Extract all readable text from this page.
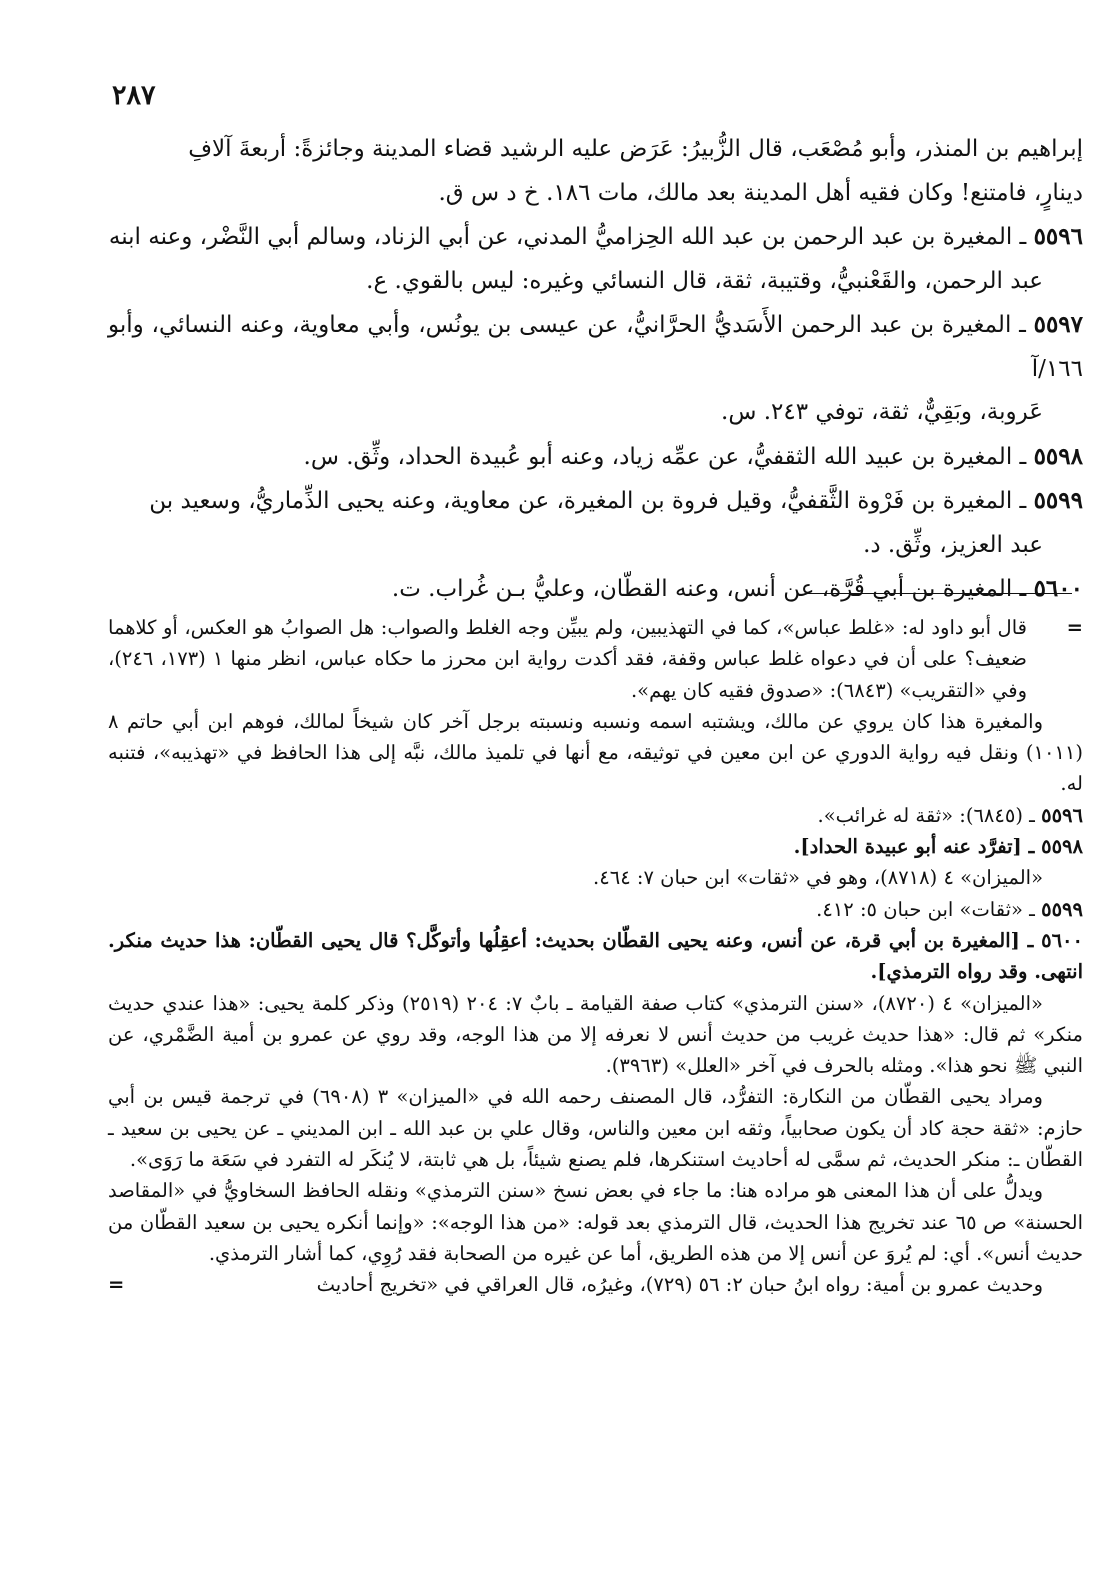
٢٨٧

إبراهيم بن المنذر، وأبو مُصْعَب، قال الزُّبيرُ: عَرَض عليه الرشيد قضاء المدينة وجائزةً: أربعةَ آلافِ

دينارٍ، فامتنع! وكان فقيه أهل المدينة بعد مالك، مات ١٨٦. خ د س ق.

٥٥٩٦ ـ المغيرة بن عبد الرحمن بن عبد الله الحِزاميُّ المدني، عن أبي الزناد، وسالم أبي النَّضْر، وعنه ابنه

عبد الرحمن، والقَعْنبيُّ، وقتيبة، ثقة، قال النسائي وغيره: ليس بالقوي. ع.

٥٥٩٧ ـ المغيرة بن عبد الرحمن الأَسَديُّ الحرَّانيُّ، عن عيسى بن يونُس، وأبي معاوية، وعنه النسائي، وأبو ١٦٦/آ

عَروبة، وبَقِيٌّ، ثقة، توفي ٢٤٣. س.

٥٥٩٨ ـ المغيرة بن عبيد الله الثقفيُّ، عن عمِّه زياد، وعنه أبو عُبيدة الحداد، وثِّق. س.

٥٥٩٩ ـ المغيرة بن فَرْوة الثَّقفيُّ، وقيل فروة بن المغيرة، عن معاوية، وعنه يحيى الذِّماريُّ، وسعيد بن

عبد العزيز، وثِّق. د.

٥٦٠٠ ـ المغيرة بن أبي قُرَّة، عن أنس، وعنه القطّان، وعليُّ بـن غُراب. ت.

=
قال أبو داود له: «غلط عباس»، كما في التهذيبين، ولم يبيِّن وجه الغلط والصواب: هل الصوابُ هو العكس، أو كلاهما ضعيف؟ على أن في دعواه غلط عباس وقفة، فقد أكدت رواية ابن محرز ما حكاه عباس، انظر منها ١ (١٧٣، ٢٤٦)، وفي «التقريب» (٦٨٤٣): «صدوق فقيه كان يهم».

والمغيرة هذا كان يروي عن مالك، ويشتبه اسمه ونسبه ونسبته برجل آخر كان شيخاً لمالك، فوهم ابن أبي حاتم ٨ (١٠١١) ونقل فيه رواية الدوري عن ابن معين في توثيقه، مع أنها في تلميذ مالك، نبَّه إلى هذا الحافظ في «تهذيبه»، فتنبه له.

٥٥٩٦ ـ (٦٨٤٥): «ثقة له غرائب».

٥٥٩٨ ـ [تفرَّد عنه أبو عبيدة الحداد].

«الميزان» ٤ (٨٧١٨)، وهو في «ثقات» ابن حبان ٧: ٤٦٤.

٥٥٩٩ ـ «ثقات» ابن حبان ٥: ٤١٢.

٥٦٠٠ ـ [المغيرة بن أبي قرة، عن أنس، وعنه يحيى القطّان بحديث: أعقِلُها وأتوكَّل؟ قال يحيى القطّان: هذا حديث منكر. انتهى. وقد رواه الترمذي].

«الميزان» ٤ (٨٧٢٠)، «سنن الترمذي» كتاب صفة القيامة ـ بابٌ ٧: ٢٠٤ (٢٥١٩) وذكر كلمة يحيى: «هذا عندي حديث منكر» ثم قال: «هذا حديث غريب من حديث أنس لا نعرفه إلا من هذا الوجه، وقد روي عن عمرو بن أمية الضَّمْري، عن النبي ﷺ نحو هذا». ومثله بالحرف في آخر «العلل» (٣٩٦٣).

ومراد يحيى القطّان من النكارة: التفرُّد، قال المصنف رحمه الله في «الميزان» ٣ (٦٩٠٨) في ترجمة قيس بن أبي حازم: «ثقة حجة كاد أن يكون صحابياً، وثقه ابن معين والناس، وقال علي بن عبد الله ـ ابن المديني ـ عن يحيى بن سعيد ـ القطّان ـ: منكر الحديث، ثم سمَّى له أحاديث استنكرها، فلم يصنع شيئاً، بل هي ثابتة، لا يُنكَر له التفرد في سَعَة ما رَوَى».

ويدلُّ على أن هذا المعنى هو مراده هنا: ما جاء في بعض نسخ «سنن الترمذي» ونقله الحافظ السخاويُّ في «المقاصد الحسنة» ص ٦٥ عند تخريج هذا الحديث، قال الترمذي بعد قوله: «من هذا الوجه»: «وإنما أنكره يحيى بن سعيد القطّان من حديث أنس». أي: لم يُروَ عن أنس إلا من هذه الطريق، أما عن غيره من الصحابة فقد رُوِي، كما أشار الترمذي.

وحديث عمرو بن أمية: رواه ابنُ حبان ٢: ٥٦ (٧٢٩)، وغيرُه، قال العراقي في «تخريج أحاديث
=
